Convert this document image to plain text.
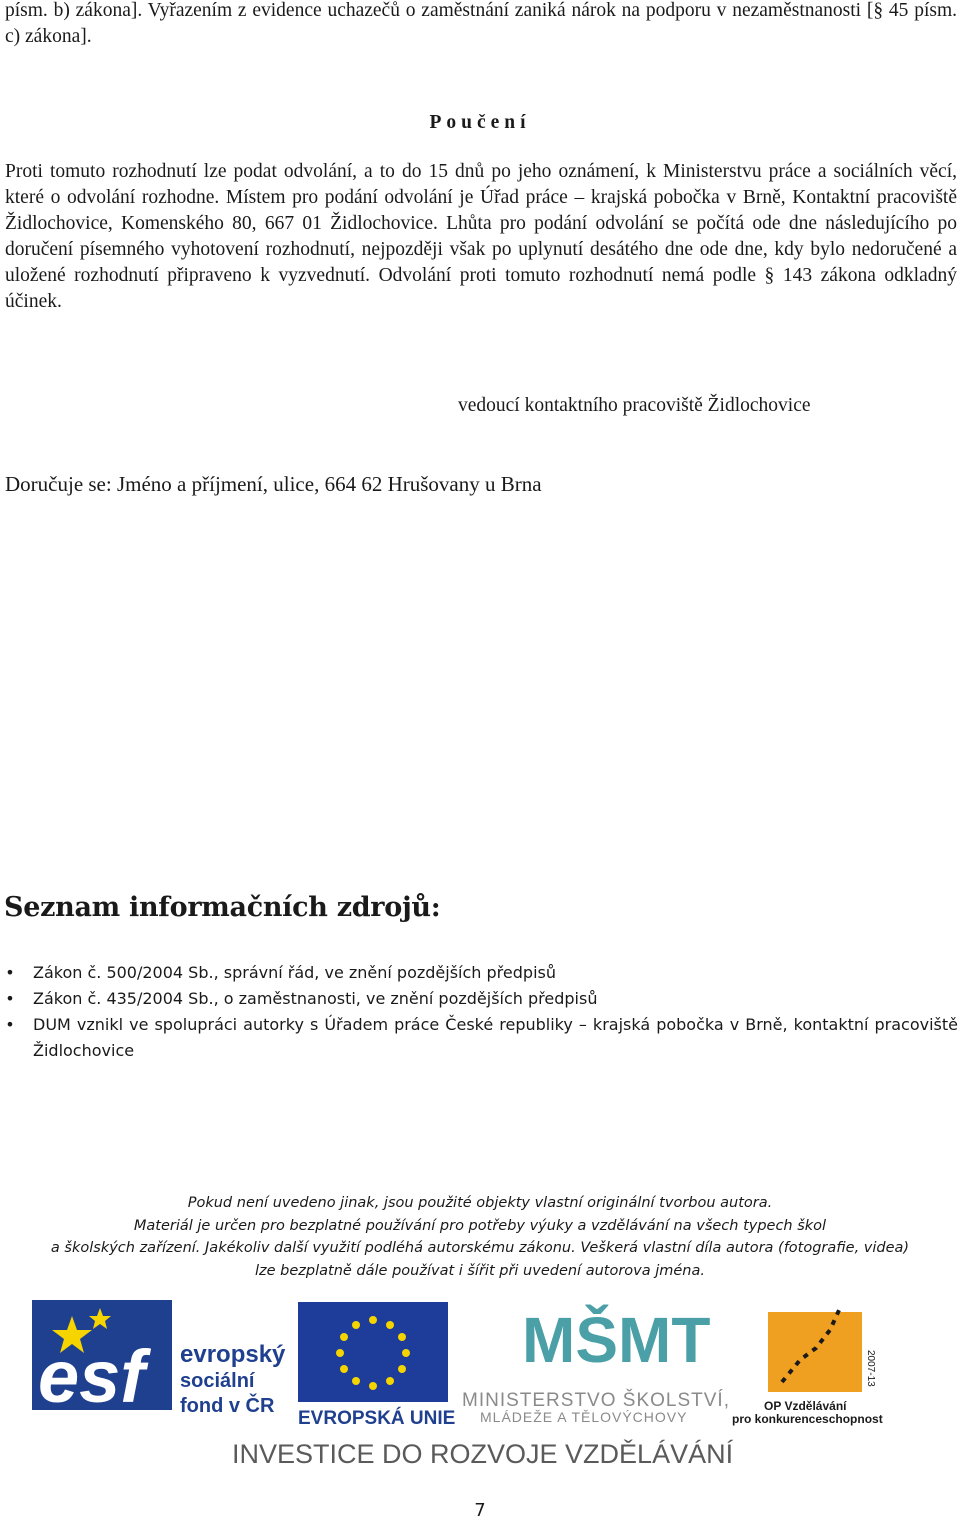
písm. b) zákona]. Vyřazením z evidence uchazečů o zaměstnání zaniká nárok na podporu v nezaměstnanosti [§ 45 písm. c) zákona].
Poučení
Proti tomuto rozhodnutí lze podat odvolání, a to do 15 dnů po jeho oznámení, k Ministerstvu práce a sociálních věcí, které o odvolání rozhodne. Místem pro podání odvolání je Úřad práce – krajská pobočka v Brně, Kontaktní pracoviště Židlochovice, Komenského 80, 667 01 Židlochovice. Lhůta pro podání odvolání se počítá ode dne následujícího po doručení písemného vyhotovení rozhodnutí, nejpozději však po uplynutí desátého dne ode dne, kdy bylo nedoručené a uložené rozhodnutí připraveno k vyzvednutí. Odvolání proti tomuto rozhodnutí nemá podle § 143 zákona odkladný účinek.
vedoucí kontaktního pracoviště Židlochovice
Doručuje se: Jméno a příjmení, ulice, 664 62 Hrušovany u Brna
Seznam informačních zdrojů:
• Zákon č. 500/2004 Sb., správní řád, ve znění pozdějších předpisů
• Zákon č. 435/2004 Sb., o zaměstnanosti, ve znění pozdějších předpisů
• DUM vznikl ve spolupráci autorky s Úřadem práce České republiky – krajská pobočka v Brně, kontaktní pracoviště Židlochovice
Pokud není uvedeno jinak, jsou použité objekty vlastní originální tvorbou autora.
Materiál je určen pro bezplatné používání pro potřeby výuky a vzdělávání na všech typech škol
a školských zařízení. Jakékoliv další využití podléhá autorskému zákonu. Veškerá vlastní díla autora (fotografie, videa)
lze bezplatně dále používat i šířit při uvedení autorova jména.
esf evropský
sociální
fond v ČR
EVROPSKÁ UNIE
MŠMT
MINISTERSTVO ŠKOLSTVÍ,
MLÁDEŽE A TĚLOVÝCHOVY
2007-13
OP Vzdělávání
pro konkurenceschopnost
INVESTICE DO ROZVOJE VZDĚLÁVÁNÍ
7
